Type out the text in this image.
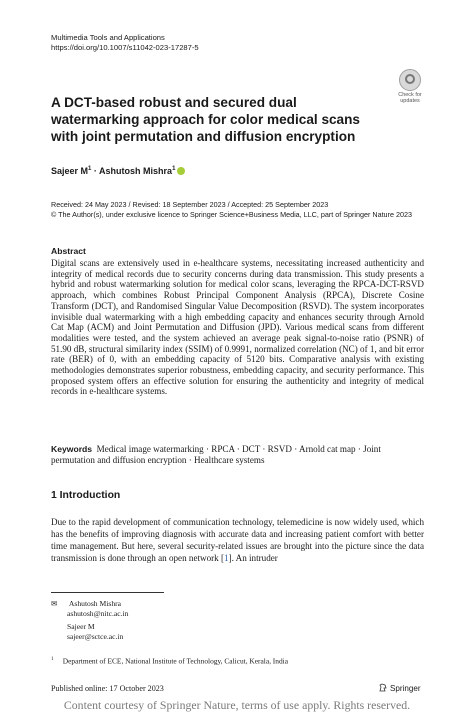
Multimedia Tools and Applications
https://doi.org/10.1007/s11042-023-17287-5
Check for
updates
A DCT-based robust and secured dual watermarking approach for color medical scans with joint permutation and diffusion encryption
Sajeer $M^1$ · Ashutosh Mishra$^1$
Received: 24 May 2023 / Revised: 18 September 2023 / Accepted: 25 September 2023
© The Author(s), under exclusive licence to Springer Science+Business Media, LLC, part of Springer Nature 2023
Abstract
Digital scans are extensively used in e-healthcare systems, necessitating increased authenticity and integrity of medical records due to security concerns during data transmission. This study presents a hybrid and robust watermarking solution for medical color scans, leveraging the RPCA-DCT-RSVD approach, which combines Robust Principal Component Analysis (RPCA), Discrete Cosine Transform (DCT), and Randomised Singular Value Decomposition (RSVD). The system incorporates invisible dual watermarking with a high embedding capacity and enhances security through Arnold Cat Map (ACM) and Joint Permutation and Diffusion (JPD). Various medical scans from different modalities were tested, and the system achieved an average peak signal-to-noise ratio (PSNR) of 51.90 dB, structural similarity index (SSIM) of 0.9991, normalized correlation (NC) of 1, and bit error rate (BER) of 0, with an embedding capacity of 5120 bits. Comparative analysis with existing methodologies demonstrates superior robustness, embedding capacity, and security performance. This proposed system offers an effective solution for ensuring the authenticity and integrity of medical records in e-healthcare systems.
Keywords Medical image watermarking · RPCA · DCT · RSVD · Arnold cat map · Joint permutation and diffusion encryption · Healthcare systems
1 Introduction
Due to the rapid development of communication technology, telemedicine is now widely used, which has the benefits of improving diagnosis with accurate data and increasing patient comfort with better time management. But here, several security-related issues are brought into the picture since the data transmission is done through an open network [1]. An intruder
✉ Ashutosh Mishra
ashutosh@nitc.ac.in
Sajeer M
sajeer@sctce.ac.in
$^1$ Department of ECE, National Institute of Technology, Calicut, Kerala, India
Published online: 17 October 2023	Springer
Content courtesy of Springer Nature, terms of use apply. Rights reserved.
